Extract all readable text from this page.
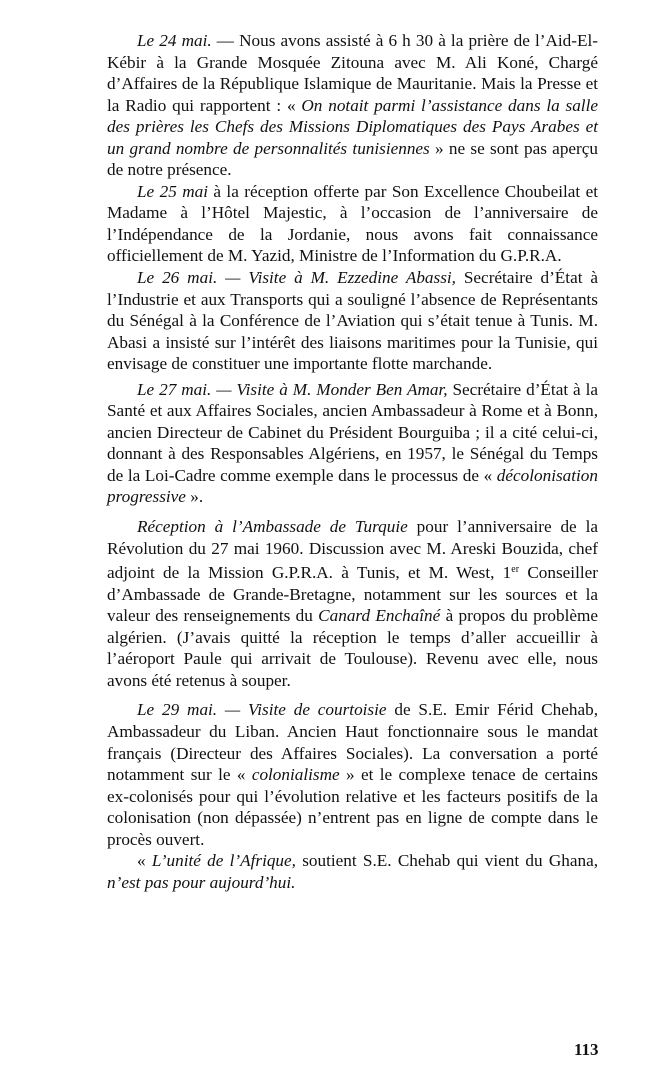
Le 24 mai. — Nous avons assisté à 6 h 30 à la prière de l’Aid-El-Kébir à la Grande Mosquée Zitouna avec M. Ali Koné, Chargé d’Affaires de la République Islamique de Mauritanie. Mais la Presse et la Radio qui rapportent : « On notait parmi l’assistance dans la salle des prières les Chefs des Missions Diplomatiques des Pays Arabes et un grand nombre de personnalités tunisiennes » ne se sont pas aperçu de notre présence.

Le 25 mai à la réception offerte par Son Excellence Choubeilat et Madame à l’Hôtel Majestic, à l’occasion de l’anniversaire de l’Indépendance de la Jordanie, nous avons fait connaissance officiellement de M. Yazid, Ministre de l’Information du G.P.R.A.

Le 26 mai. — Visite à M. Ezzedine Abassi, Secrétaire d’État à l’Industrie et aux Transports qui a souligné l’absence de Représentants du Sénégal à la Conférence de l’Aviation qui s’était tenue à Tunis. M. Abasi a insisté sur l’intérêt des liaisons maritimes pour la Tunisie, qui envisage de constituer une importante flotte marchande.

Le 27 mai. — Visite à M. Monder Ben Amar, Secrétaire d’État à la Santé et aux Affaires Sociales, ancien Ambassadeur à Rome et à Bonn, ancien Directeur de Cabinet du Président Bourguiba ; il a cité celui-ci, donnant à des Responsables Algériens, en 1957, le Sénégal du Temps de la Loi-Cadre comme exemple dans le processus de « décolonisation progressive ».

Réception à l’Ambassade de Turquie pour l’anniversaire de la Révolution du 27 mai 1960. Discussion avec M. Areski Bouzida, chef adjoint de la Mission G.P.R.A. à Tunis, et M. West, 1er Conseiller d’Ambassade de Grande-Bretagne, notamment sur les sources et la valeur des renseignements du Canard Enchaîné à propos du problème algérien. (J’avais quitté la réception le temps d’aller accueillir à l’aéroport Paule qui arrivait de Toulouse). Revenu avec elle, nous avons été retenus à souper.

Le 29 mai. — Visite de courtoisie de S.E. Emir Férid Chehab, Ambassadeur du Liban. Ancien Haut fonctionnaire sous le mandat français (Directeur des Affaires Sociales). La conversation a porté notamment sur le « colonialisme » et le complexe tenace de certains ex-colonisés pour qui l’évolution relative et les facteurs positifs de la colonisation (non dépassée) n’entrent pas en ligne de compte dans le procès ouvert.

« L’unité de l’Afrique, soutient S.E. Chehab qui vient du Ghana, n’est pas pour aujourd’hui.

113
